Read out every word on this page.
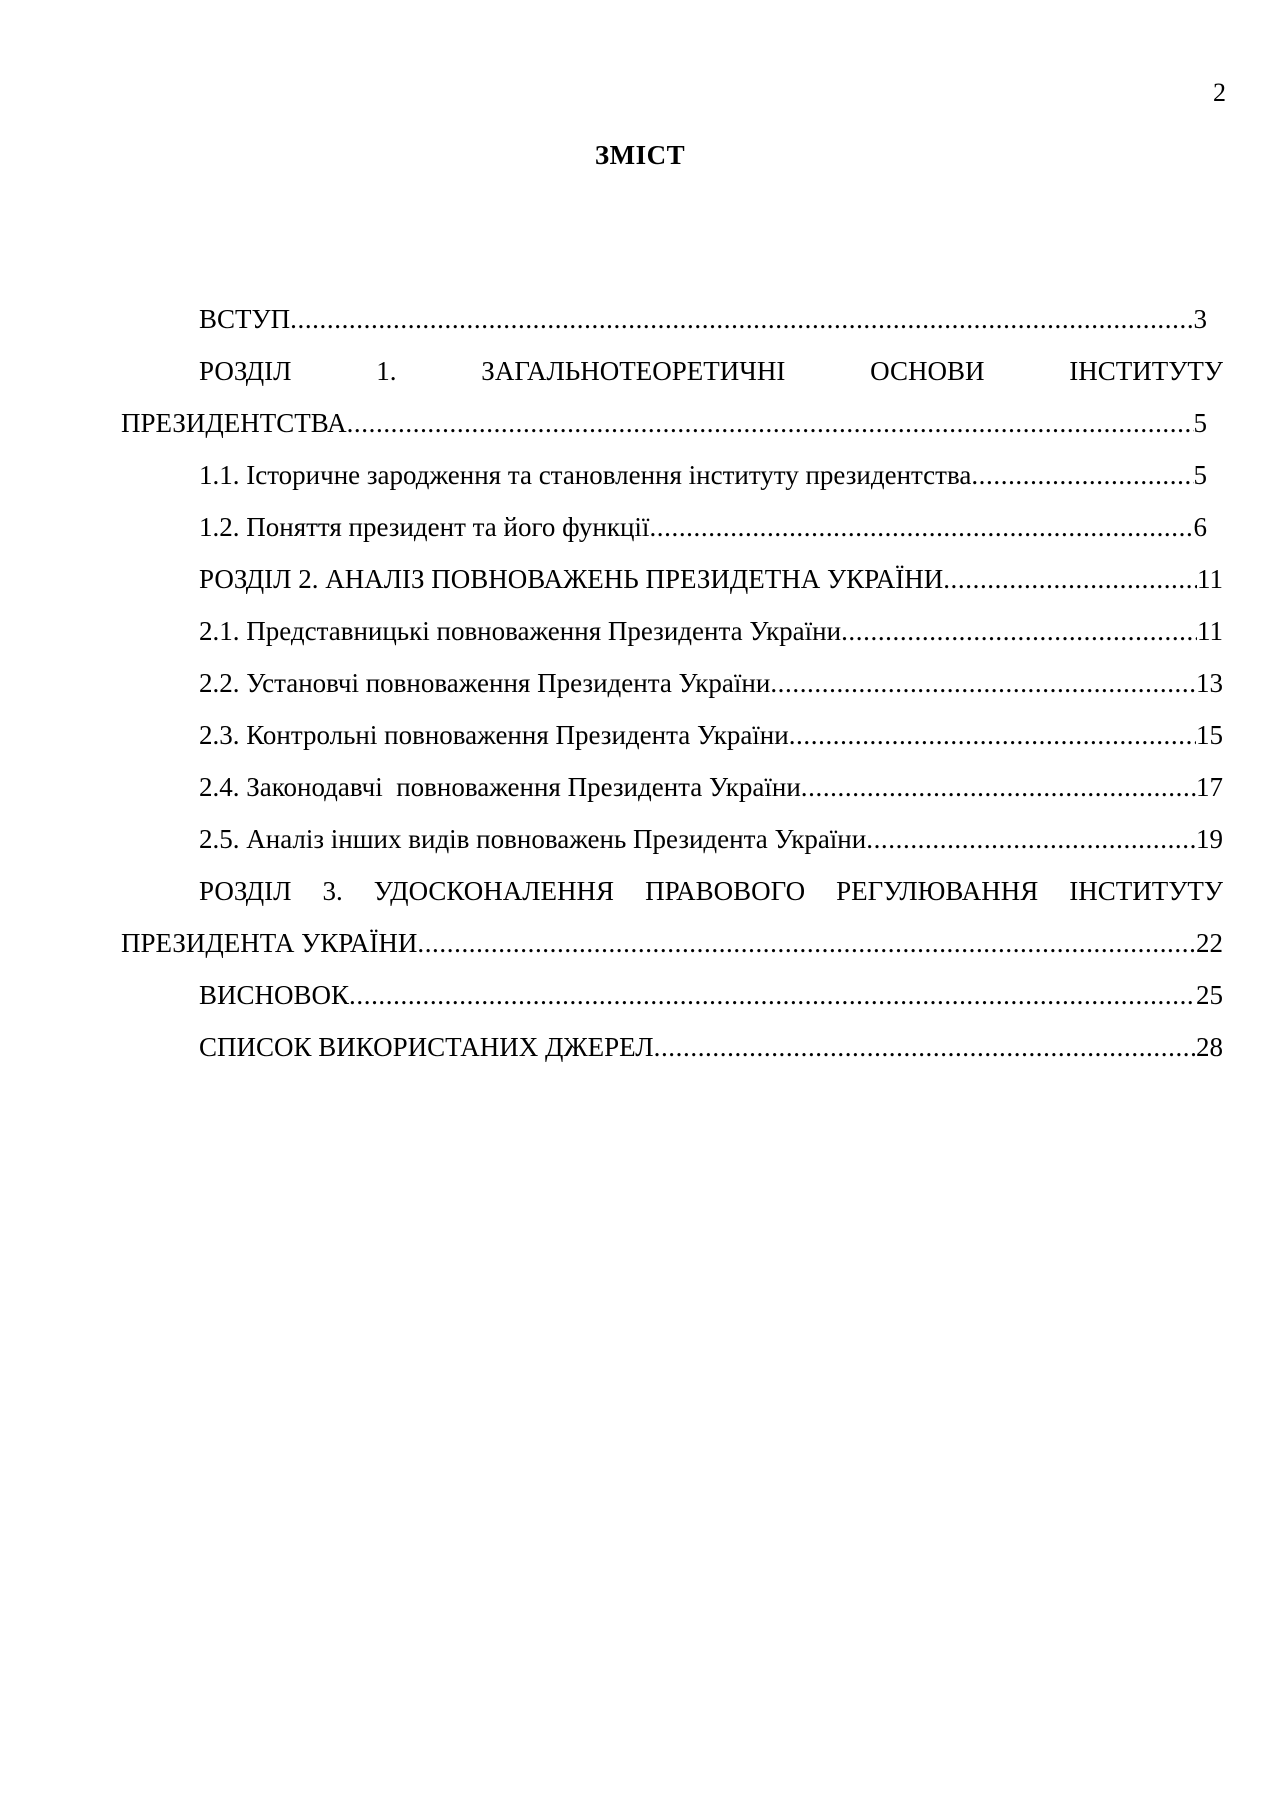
2
ЗМІСТ
ВСТУП .....	3
РОЗДІЛ	1.	ЗАГАЛЬНОТЕОРЕТИЧНІ	ОСНОВИ	ІНСТИТУТУ
ПРЕЗИДЕНТСТВА .....	5
1.1. Історичне зародження та становлення інституту президентства .....	5
1.2. Поняття президент та його функції .....	6
РОЗДІЛ 2. АНАЛІЗ ПОВНОВАЖЕНЬ ПРЕЗИДЕТНА УКРАЇНИ .....	11
2.1. Представницькі повноваження Президента України .....	11
2.2. Установчі повноваження Президента України .....	13
2.3. Контрольні повноваження Президента України .....	15
2.4. Законодавчі  повноваження Президента України .....	17
2.5. Аналіз інших видів повноважень Президента України .....	19
РОЗДІЛ 3. УДОСКОНАЛЕННЯ ПРАВОВОГО РЕГУЛЮВАННЯ ІНСТИТУТУ
ПРЕЗИДЕНТА УКРАЇНИ .....	22
ВИСНОВОК .....	25
СПИСОК ВИКОРИСТАНИХ ДЖЕРЕЛ .....	28
